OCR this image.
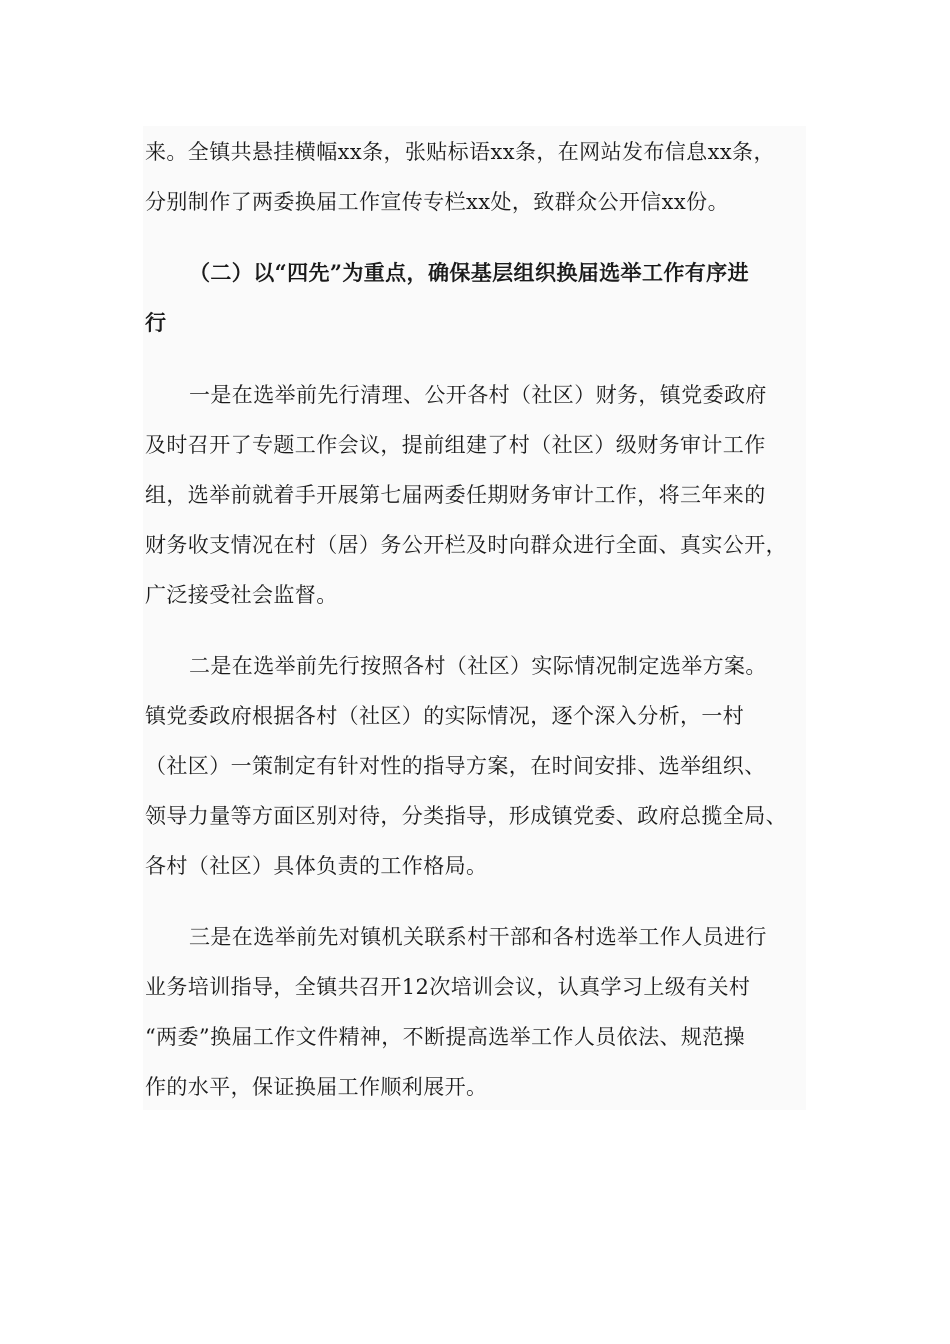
来。全镇共悬挂横幅xx条，张贴标语xx条，在网站发布信息xx条，
分别制作了两委换届工作宣传专栏xx处，致群众公开信xx份。
（二）以“四先”为重点，确保基层组织换届选举工作有序进
行
一是在选举前先行清理、公开各村（社区）财务，镇党委政府
及时召开了专题工作会议，提前组建了村（社区）级财务审计工作
组，选举前就着手开展第七届两委任期财务审计工作，将三年来的
财务收支情况在村（居）务公开栏及时向群众进行全面、真实公开，
广泛接受社会监督。
二是在选举前先行按照各村（社区）实际情况制定选举方案。
镇党委政府根据各村（社区）的实际情况，逐个深入分析，一村
（社区）一策制定有针对性的指导方案，在时间安排、选举组织、
领导力量等方面区别对待，分类指导，形成镇党委、政府总揽全局、
各村（社区）具体负责的工作格局。
三是在选举前先对镇机关联系村干部和各村选举工作人员进行
业务培训指导，全镇共召开12次培训会议，认真学习上级有关村
“两委”换届工作文件精神，不断提高选举工作人员依法、规范操
作的水平，保证换届工作顺利展开。
